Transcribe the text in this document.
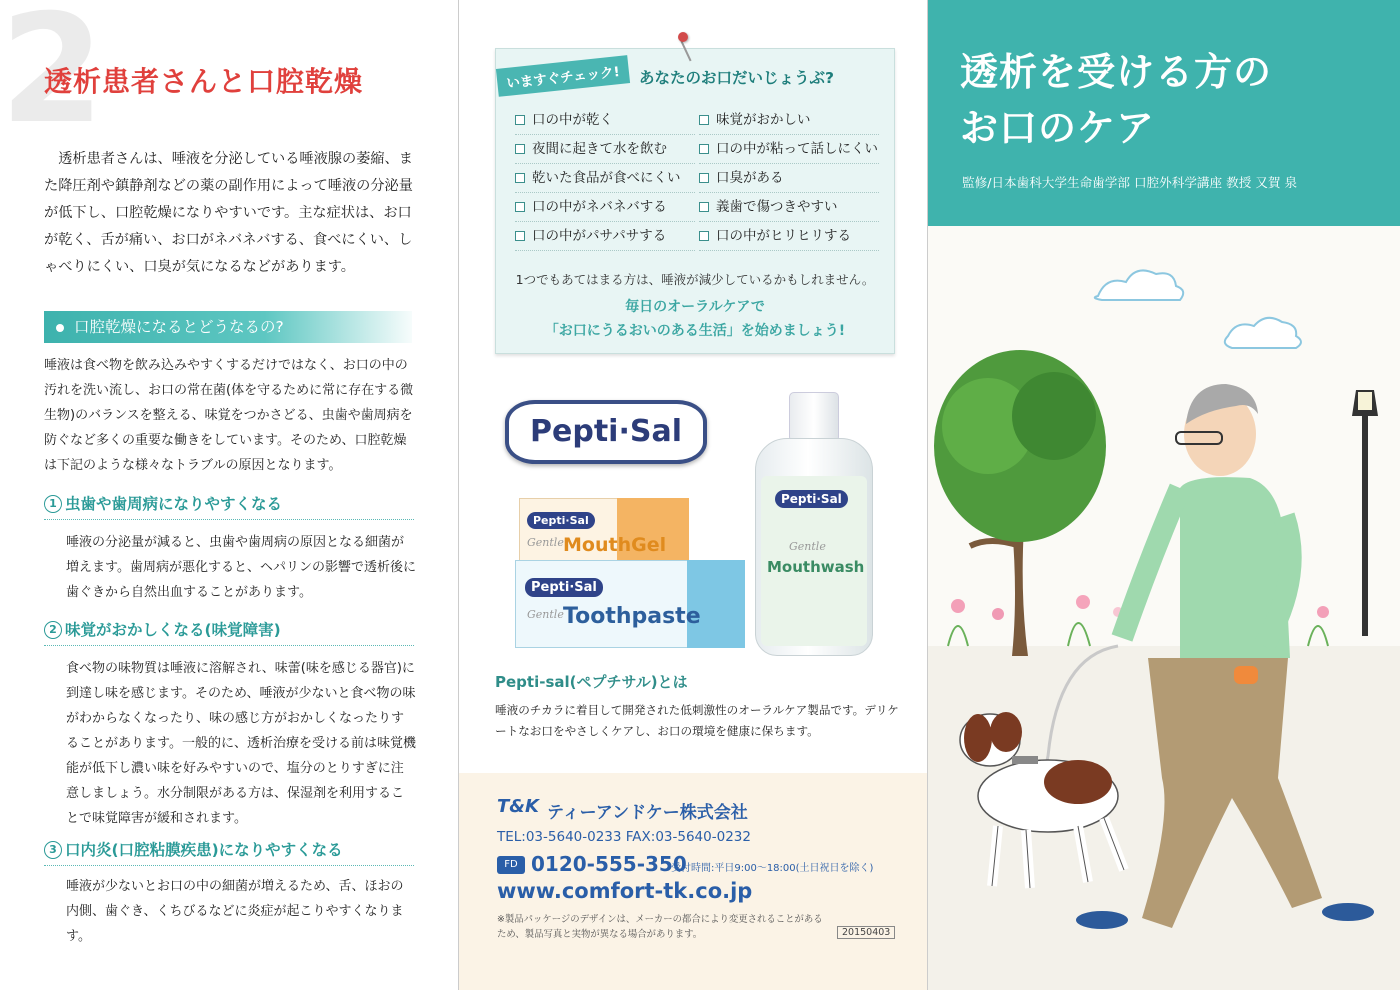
2
透析患者さんと口腔乾燥

透析患者さんは、唾液を分泌している唾液腺の萎縮、また降圧剤や鎮静剤などの薬の副作用によって唾液の分泌量が低下し、口腔乾燥になりやすいです。主な症状は、お口が乾く、舌が痛い、お口がネバネバする、食べにくい、しゃべりにくい、口臭が気になるなどがあります。

口腔乾燥になるとどうなるの?

唾液は食べ物を飲み込みやすくするだけではなく、お口の中の汚れを洗い流し、お口の常在菌(体を守るために常に存在する微生物)のバランスを整える、味覚をつかさどる、虫歯や歯周病を防ぐなど多くの重要な働きをしています。そのため、口腔乾燥は下記のような様々なトラブルの原因となります。

1 虫歯や歯周病になりやすくなる

唾液の分泌量が減ると、虫歯や歯周病の原因となる細菌が増えます。歯周病が悪化すると、ヘパリンの影響で透析後に歯ぐきから自然出血することがあります。

2 味覚がおかしくなる(味覚障害)

食べ物の味物質は唾液に溶解され、味蕾(味を感じる器官)に到達し味を感じます。そのため、唾液が少ないと食べ物の味がわからなくなったり、味の感じ方がおかしくなったりすることがあります。一般的に、透析治療を受ける前は味覚機能が低下し濃い味を好みやすいので、塩分のとりすぎに注意しましょう。水分制限がある方は、保湿剤を利用することで味覚障害が緩和されます。

3 口内炎(口腔粘膜疾患)になりやすくなる

唾液が少ないとお口の中の細菌が増えるため、舌、ほおの内側、歯ぐき、くちびるなどに炎症が起こりやすくなります。

いますぐチェック!	あなたのお口だいじょうぶ?
口の中が乾く
夜間に起きて水を飲む
乾いた食品が食べにくい
口の中がネバネバする
口の中がパサパサする
味覚がおかしい
口の中が粘って話しにくい
口臭がある
義歯で傷つきやすい
口の中がヒリヒリする
1つでもあてはまる方は、唾液が減少しているかもしれません。
毎日のオーラルケアで
「お口にうるおいのある生活」を始めましょう!
Pepti·Sal
Pepti·Sal
Gentle MouthGel
Pepti·Sal
Gentle Toothpaste
Pepti·Sal
Gentle
Mouthwash
Pepti-sal(ペプチサル)とは

唾液のチカラに着目して開発された低刺激性のオーラルケア製品です。デリケートなお口をやさしくケアし、お口の環境を健康に保ちます。

T&K ティーアンドケー株式会社
TEL:03-5640-0233 FAX:03-5640-0232
FD 0120-555-350
受付時間:平日9:00～18:00(土日祝日を除く)
www.comfort-tk.co.jp

※製品パッケージのデザインは、メーカーの都合により変更されることがあるため、製品写真と実物が異なる場合があります。	20150403
透析を受ける方の
お口のケア
監修/日本歯科大学生命歯学部 口腔外科学講座 教授 又賀 泉
